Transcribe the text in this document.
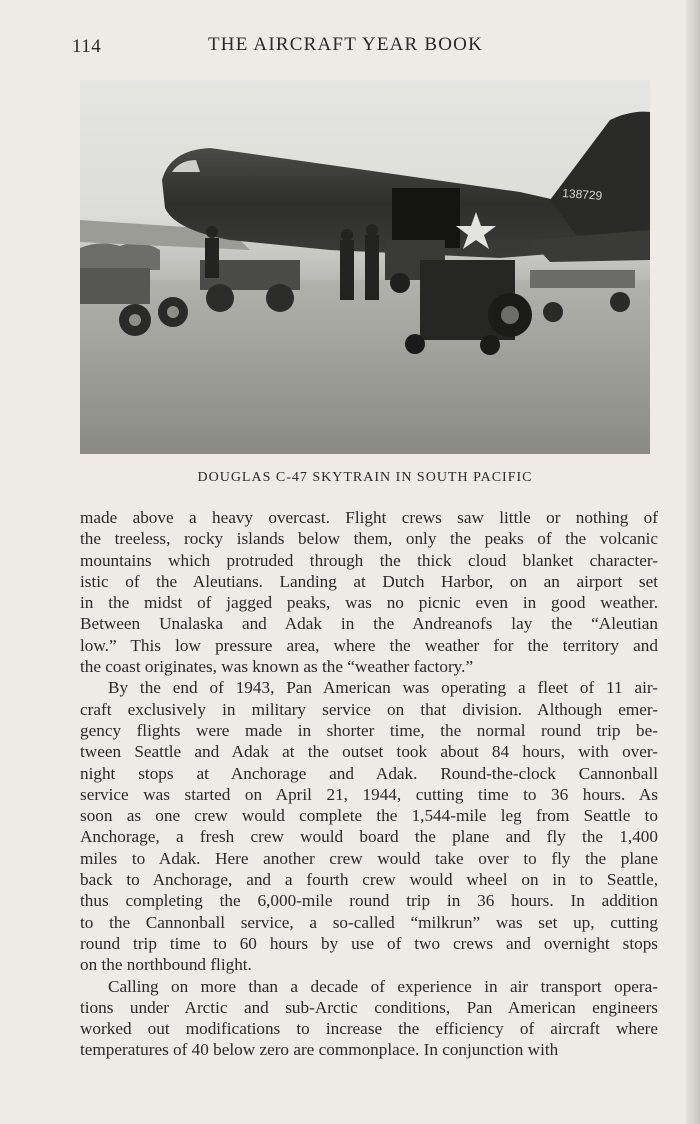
114	THE AIRCRAFT YEAR BOOK
138729
DOUGLAS C-47 SKYTRAIN IN SOUTH PACIFIC
made above a heavy overcast. Flight crews saw little or nothing of
the treeless, rocky islands below them, only the peaks of the volcanic
mountains which protruded through the thick cloud blanket character-
istic of the Aleutians. Landing at Dutch Harbor, on an airport set
in the midst of jagged peaks, was no picnic even in good weather.
Between Unalaska and Adak in the Andreanofs lay the “Aleutian
low.” This low pressure area, where the weather for the territory and
the coast originates, was known as the “weather factory.”
By the end of 1943, Pan American was operating a fleet of 11 air-
craft exclusively in military service on that division. Although emer-
gency flights were made in shorter time, the normal round trip be-
tween Seattle and Adak at the outset took about 84 hours, with over-
night stops at Anchorage and Adak. Round-the-clock Cannonball
service was started on April 21, 1944, cutting time to 36 hours. As
soon as one crew would complete the 1,544-mile leg from Seattle to
Anchorage, a fresh crew would board the plane and fly the 1,400
miles to Adak. Here another crew would take over to fly the plane
back to Anchorage, and a fourth crew would wheel on in to Seattle,
thus completing the 6,000-mile round trip in 36 hours. In addition
to the Cannonball service, a so-called “milkrun” was set up, cutting
round trip time to 60 hours by use of two crews and overnight stops
on the northbound flight.
Calling on more than a decade of experience in air transport opera-
tions under Arctic and sub-Arctic conditions, Pan American engineers
worked out modifications to increase the efficiency of aircraft where
temperatures of 40 below zero are commonplace. In conjunction with
